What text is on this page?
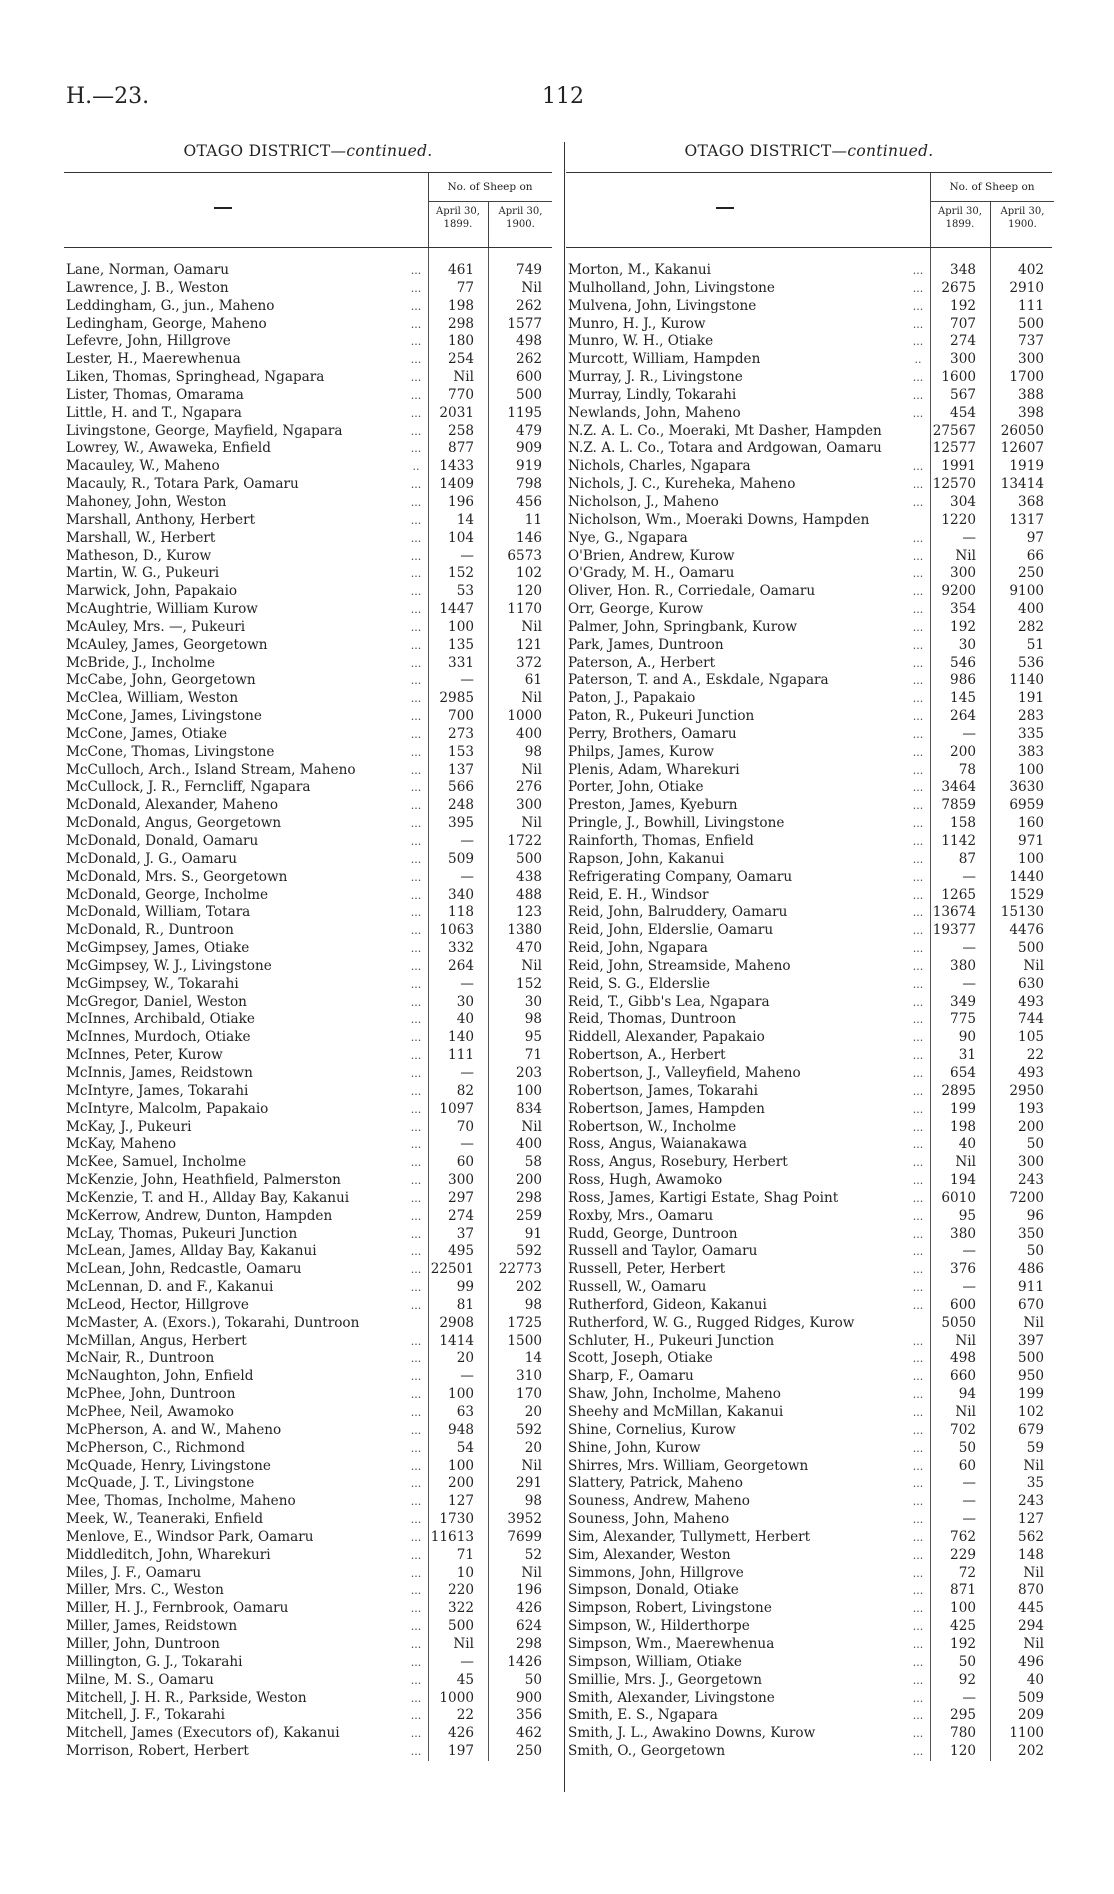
H.—23.	112
OTAGO DISTRICT—continued.
No. of Sheep on
April 30, 1899.
April 30, 1900.
Lane, Norman, Oamaru	...	461	749
Lawrence, J. B., Weston	...	77	Nil
Leddingham, G., jun., Maheno	...	198	262
Ledingham, George, Maheno	...	298	1577
Lefevre, John, Hillgrove	...	180	498
Lester, H., Maerewhenua	...	254	262
Liken, Thomas, Springhead, Ngapara	...	Nil	600
Lister, Thomas, Omarama	...	770	500
Little, H. and T., Ngapara	...	2031	1195
Livingstone, George, Mayfield, Ngapara	...	258	479
Lowrey, W., Awaweka, Enfield	...	877	909
Macauley, W., Maheno	..	1433	919
Macauly, R., Totara Park, Oamaru	...	1409	798
Mahoney, John, Weston	...	196	456
Marshall, Anthony, Herbert	...	14	11
Marshall, W., Herbert	...	104	146
Matheson, D., Kurow	...	—	6573
Martin, W. G., Pukeuri	...	152	102
Marwick, John, Papakaio	...	53	120
McAughtrie, William Kurow	...	1447	1170
McAuley, Mrs. —, Pukeuri	...	100	Nil
McAuley, James, Georgetown	...	135	121
McBride, J., Incholme	...	331	372
McCabe, John, Georgetown	...	—	61
McClea, William, Weston	...	2985	Nil
McCone, James, Livingstone	...	700	1000
McCone, James, Otiake	...	273	400
McCone, Thomas, Livingstone	...	153	98
McCulloch, Arch., Island Stream, Maheno	...	137	Nil
McCullock, J. R., Ferncliff, Ngapara	...	566	276
McDonald, Alexander, Maheno	...	248	300
McDonald, Angus, Georgetown	...	395	Nil
McDonald, Donald, Oamaru	...	—	1722
McDonald, J. G., Oamaru	...	509	500
McDonald, Mrs. S., Georgetown	...	—	438
McDonald, George, Incholme	...	340	488
McDonald, William, Totara	...	118	123
McDonald, R., Duntroon	...	1063	1380
McGimpsey, James, Otiake	...	332	470
McGimpsey, W. J., Livingstone	...	264	Nil
McGimpsey, W., Tokarahi	...	—	152
McGregor, Daniel, Weston	...	30	30
McInnes, Archibald, Otiake	...	40	98
McInnes, Murdoch, Otiake	...	140	95
McInnes, Peter, Kurow	...	111	71
McInnis, James, Reidstown	...	—	203
McIntyre, James, Tokarahi	...	82	100
McIntyre, Malcolm, Papakaio	...	1097	834
McKay, J., Pukeuri	...	70	Nil
McKay, Maheno	...	—	400
McKee, Samuel, Incholme	...	60	58
McKenzie, John, Heathfield, Palmerston	...	300	200
McKenzie, T. and H., Allday Bay, Kakanui	...	297	298
McKerrow, Andrew, Dunton, Hampden	...	274	259
McLay, Thomas, Pukeuri Junction	...	37	91
McLean, James, Allday Bay, Kakanui	...	495	592
McLean, John, Redcastle, Oamaru	... 22501	22773
McLennan, D. and F., Kakanui	...	99	202
McLeod, Hector, Hillgrove	...	81	98
McMaster, A. (Exors.), Tokarahi, Duntroon	2908	1725
McMillan, Angus, Herbert	...	1414	1500
McNair, R., Duntroon	...	20	14
McNaughton, John, Enfield	...	—	310
McPhee, John, Duntroon	...	100	170
McPhee, Neil, Awamoko	...	63	20
McPherson, A. and W., Maheno	...	948	592
McPherson, C., Richmond	...	54	20
McQuade, Henry, Livingstone	...	100	Nil
McQuade, J. T., Livingstone	...	200	291
Mee, Thomas, Incholme, Maheno	...	127	98
Meek, W., Teaneraki, Enfield	...	1730	3952
Menlove, E., Windsor Park, Oamaru	... 11613	7699
Middleditch, John, Wharekuri	...	71	52
Miles, J. F., Oamaru	...	10	Nil
Miller, Mrs. C., Weston	...	220	196
Miller, H. J., Fernbrook, Oamaru	...	322	426
Miller, James, Reidstown	...	500	624
Miller, John, Duntroon	...	Nil	298
Millington, G. J., Tokarahi	...	—	1426
Milne, M. S., Oamaru	...	45	50
Mitchell, J. H. R., Parkside, Weston	...	1000	900
Mitchell, J. F., Tokarahi	...	22	356
Mitchell, James (Executors of), Kakanui	...	426	462
Morrison, Robert, Herbert	...	197	250
OTAGO DISTRICT—continued.
No. of Sheep on
April 30, 1899.
April 30, 1900.
Morton, M., Kakanui	...	348	402
Mulholland, John, Livingstone	...	2675	2910
Mulvena, John, Livingstone	...	192	111
Munro, H. J., Kurow	...	707	500
Munro, W. H., Otiake	...	274	737
Murcott, William, Hampden	..	300	300
Murray, J. R., Livingstone	...	1600	1700
Murray, Lindly, Tokarahi	...	567	388
Newlands, John, Maheno	...	454	398
N.Z. A. L. Co., Moeraki, Mt Dasher, Hampden	27567	26050
N.Z. A. L. Co., Totara and Ardgowan, Oamaru	12577	12607
Nichols, Charles, Ngapara	...	1991	1919
Nichols, J. C., Kureheka, Maheno	... 12570	13414
Nicholson, J., Maheno	...	304	368
Nicholson, Wm., Moeraki Downs, Hampden	1220	1317
Nye, G., Ngapara	...	—	97
O'Brien, Andrew, Kurow	...	Nil	66
O'Grady, M. H., Oamaru	...	300	250
Oliver, Hon. R., Corriedale, Oamaru	...	9200	9100
Orr, George, Kurow	...	354	400
Palmer, John, Springbank, Kurow	...	192	282
Park, James, Duntroon	...	30	51
Paterson, A., Herbert	...	546	536
Paterson, T. and A., Eskdale, Ngapara	...	986	1140
Paton, J., Papakaio	...	145	191
Paton, R., Pukeuri Junction	...	264	283
Perry, Brothers, Oamaru	...	—	335
Philps, James, Kurow	...	200	383
Plenis, Adam, Wharekuri	...	78	100
Porter, John, Otiake	...	3464	3630
Preston, James, Kyeburn	...	7859	6959
Pringle, J., Bowhill, Livingstone	...	158	160
Rainforth, Thomas, Enfield	...	1142	971
Rapson, John, Kakanui	...	87	100
Refrigerating Company, Oamaru	...	—	1440
Reid, E. H., Windsor	...	1265	1529
Reid, John, Balruddery, Oamaru	... 13674	15130
Reid, John, Elderslie, Oamaru	... 19377	4476
Reid, John, Ngapara	...	—	500
Reid, John, Streamside, Maheno	...	380	Nil
Reid, S. G., Elderslie	...	—	630
Reid, T., Gibb's Lea, Ngapara	...	349	493
Reid, Thomas, Duntroon	...	775	744
Riddell, Alexander, Papakaio	...	90	105
Robertson, A., Herbert	...	31	22
Robertson, J., Valleyfield, Maheno	...	654	493
Robertson, James, Tokarahi	...	2895	2950
Robertson, James, Hampden	...	199	193
Robertson, W., Incholme	...	198	200
Ross, Angus, Waianakawa	...	40	50
Ross, Angus, Rosebury, Herbert	...	Nil	300
Ross, Hugh, Awamoko	...	194	243
Ross, James, Kartigi Estate, Shag Point	...	6010	7200
Roxby, Mrs., Oamaru	...	95	96
Rudd, George, Duntroon	...	380	350
Russell and Taylor, Oamaru	...	—	50
Russell, Peter, Herbert	...	376	486
Russell, W., Oamaru	...	—	911
Rutherford, Gideon, Kakanui	...	600	670
Rutherford, W. G., Rugged Ridges, Kurow	5050	Nil
Schluter, H., Pukeuri Junction	...	Nil	397
Scott, Joseph, Otiake	...	498	500
Sharp, F., Oamaru	...	660	950
Shaw, John, Incholme, Maheno	...	94	199
Sheehy and McMillan, Kakanui	...	Nil	102
Shine, Cornelius, Kurow	...	702	679
Shine, John, Kurow	...	50	59
Shirres, Mrs. William, Georgetown	...	60	Nil
Slattery, Patrick, Maheno	...	—	35
Souness, Andrew, Maheno	...	—	243
Souness, John, Maheno	...	—	127
Sim, Alexander, Tullymett, Herbert	...	762	562
Sim, Alexander, Weston	...	229	148
Simmons, John, Hillgrove	...	72	Nil
Simpson, Donald, Otiake	...	871	870
Simpson, Robert, Livingstone	...	100	445
Simpson, W., Hilderthorpe	...	425	294
Simpson, Wm., Maerewhenua	...	192	Nil
Simpson, William, Otiake	...	50	496
Smillie, Mrs. J., Georgetown	...	92	40
Smith, Alexander, Livingstone	...	—	509
Smith, E. S., Ngapara	...	295	209
Smith, J. L., Awakino Downs, Kurow	...	780	1100
Smith, O., Georgetown	...	120	202
